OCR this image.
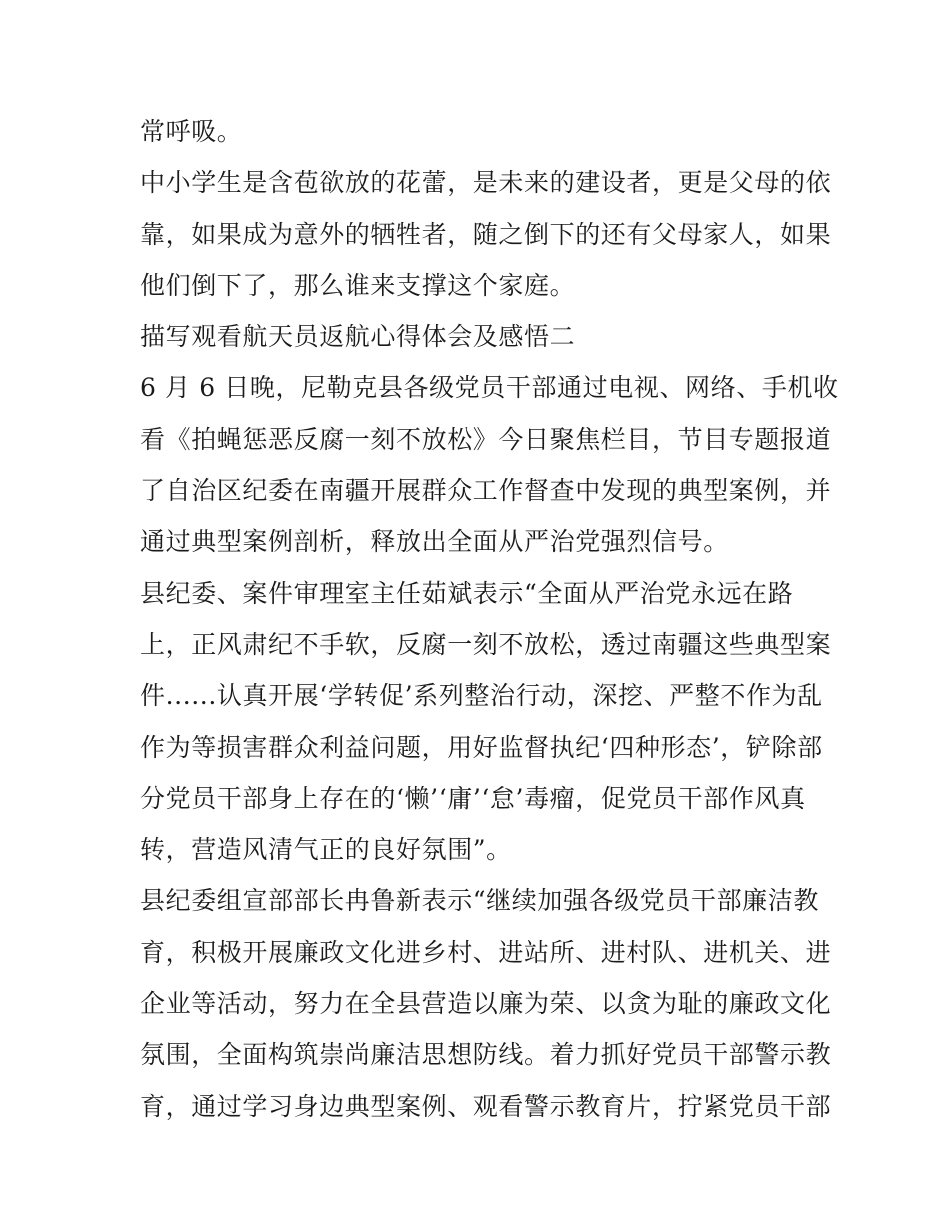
常呼吸。
中小学生是含苞欲放的花蕾，是未来的建设者，更是父母的依
靠，如果成为意外的牺牲者，随之倒下的还有父母家人，如果
他们倒下了，那么谁来支撑这个家庭。
描写观看航天员返航心得体会及感悟二
6 月 6 日晚，尼勒克县各级党员干部通过电视、网络、手机收
看《拍蝇惩恶反腐一刻不放松》今日聚焦栏目，节目专题报道
了自治区纪委在南疆开展群众工作督查中发现的典型案例，并
通过典型案例剖析，释放出全面从严治党强烈信号。
县纪委、案件审理室主任茹斌表示“全面从严治党永远在路
上，正风肃纪不手软，反腐一刻不放松，透过南疆这些典型案
件......认真开展‘学转促’系列整治行动，深挖、严整不作为乱
作为等损害群众利益问题，用好监督执纪‘四种形态’，铲除部
分党员干部身上存在的‘懒’‘庸’‘怠’毒瘤，促党员干部作风真
转，营造风清气正的良好氛围”。
县纪委组宣部部长冉鲁新表示“继续加强各级党员干部廉洁教
育，积极开展廉政文化进乡村、进站所、进村队、进机关、进
企业等活动，努力在全县营造以廉为荣、以贪为耻的廉政文化
氛围，全面构筑崇尚廉洁思想防线。着力抓好党员干部警示教
育，通过学习身边典型案例、观看警示教育片，拧紧党员干部
